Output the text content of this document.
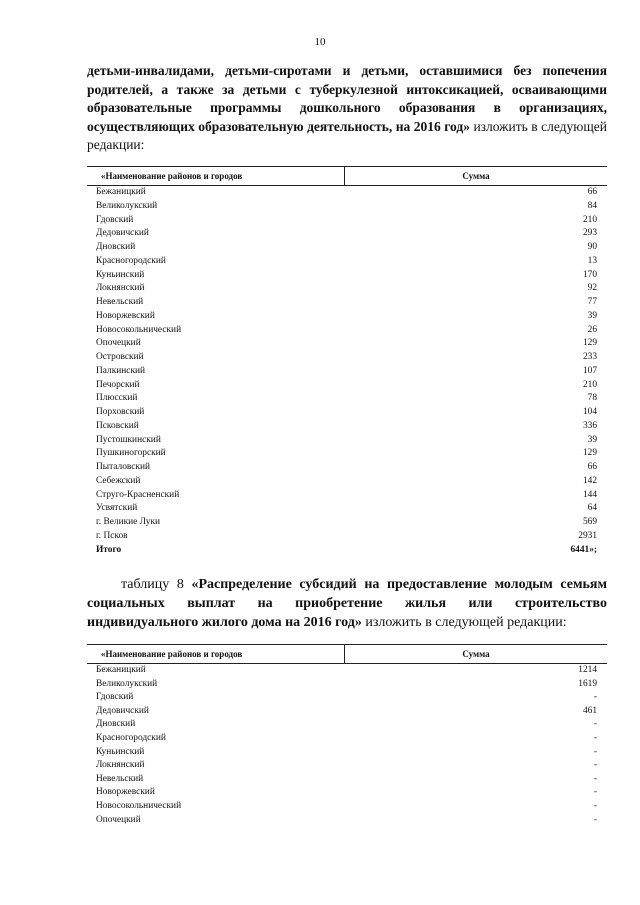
10
детьми-инвалидами, детьми-сиротами и детьми, оставшимися без попечения родителей, а также за детьми с туберкулезной интоксикацией, осваивающими образовательные программы дошкольного образования в организациях, осуществляющих образовательную деятельность, на 2016 год» изложить в следующей редакции:
«Наименование районов и городов	Сумма
Бежаницкий	66
Великолукский	84
Гдовский	210
Дедовичский	293
Дновский	90
Красногородский	13
Куньинский	170
Локнянский	92
Невельский	77
Новоржевский	39
Новосокольнический	26
Опочецкий	129
Островский	233
Палкинский	107
Печорский	210
Плюсский	78
Порховский	104
Псковский	336
Пустошкинский	39
Пушкиногорский	129
Пыталовский	66
Себежский	142
Струго-Красненский	144
Усвятский	64
г. Великие Луки	569
г. Псков	2931
Итого	6441»;
таблицу 8 «Распределение субсидий на предоставление молодым семьям социальных выплат на приобретение жилья или строительство индивидуального жилого дома на 2016 год» изложить в следующей редакции:
«Наименование районов и городов	Сумма
Бежаницкий	1214
Великолукский	1619
Гдовский	-
Дедовичский	461
Дновский	-
Красногородский	-
Куньинский	-
Локнянский	-
Невельский	-
Новоржевский	-
Новосокольнический	-
Опочецкий	-
